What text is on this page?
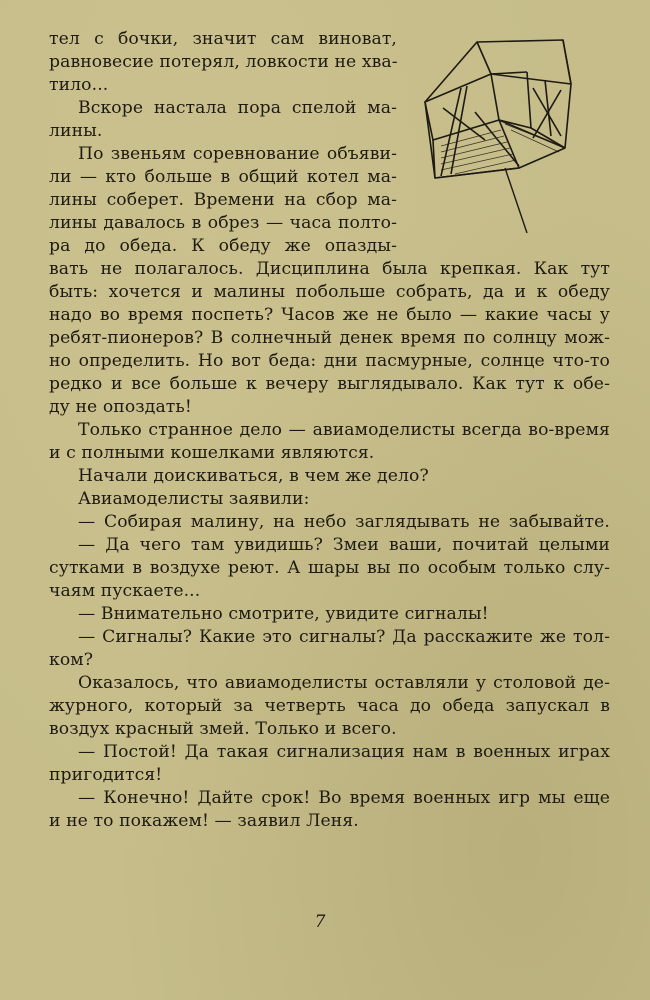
тел с бочки, значит сам виноват,
равновесие потерял, ловкости не хва-
тило...
Вскоре настала пора спелой ма-
лины.
По звеньям соревнование объяви-
ли — кто больше в общий котел ма-
лины соберет. Времени на сбор ма-
лины давалось в обрез — часа полто-
ра до обеда. К обеду же опазды-
вать не полагалось. Дисциплина была крепкая. Как тут
быть: хочется и малины побольше собрать, да и к обеду
надо во время поспеть? Часов же не было — какие часы у
ребят-пионеров? В солнечный денек время по солнцу мож-
но определить. Но вот беда: дни пасмурные, солнце что-то
редко и все больше к вечеру выглядывало. Как тут к обе-
ду не опоздать!
Только странное дело — авиамоделисты всегда во-время
и с полными кошелками являются.
Начали доискиваться, в чем же дело?
Авиамоделисты заявили:
— Собирая малину, на небо заглядывать не забывайте.
— Да чего там увидишь? Змеи ваши, почитай целыми
сутками в воздухе реют. А шары вы по особым только слу-
чаям пускаете...
— Внимательно смотрите, увидите сигналы!
— Сигналы? Какие это сигналы? Да расскажите же тол-
ком?
Оказалось, что авиамоделисты оставляли у столовой де-
журного, который за четверть часа до обеда запускал в
воздух красный змей. Только и всего.
— Постой! Да такая сигнализация нам в военных играх
пригодится!
— Конечно! Дайте срок! Во время военных игр мы еще
и не то покажем! — заявил Леня.
7
